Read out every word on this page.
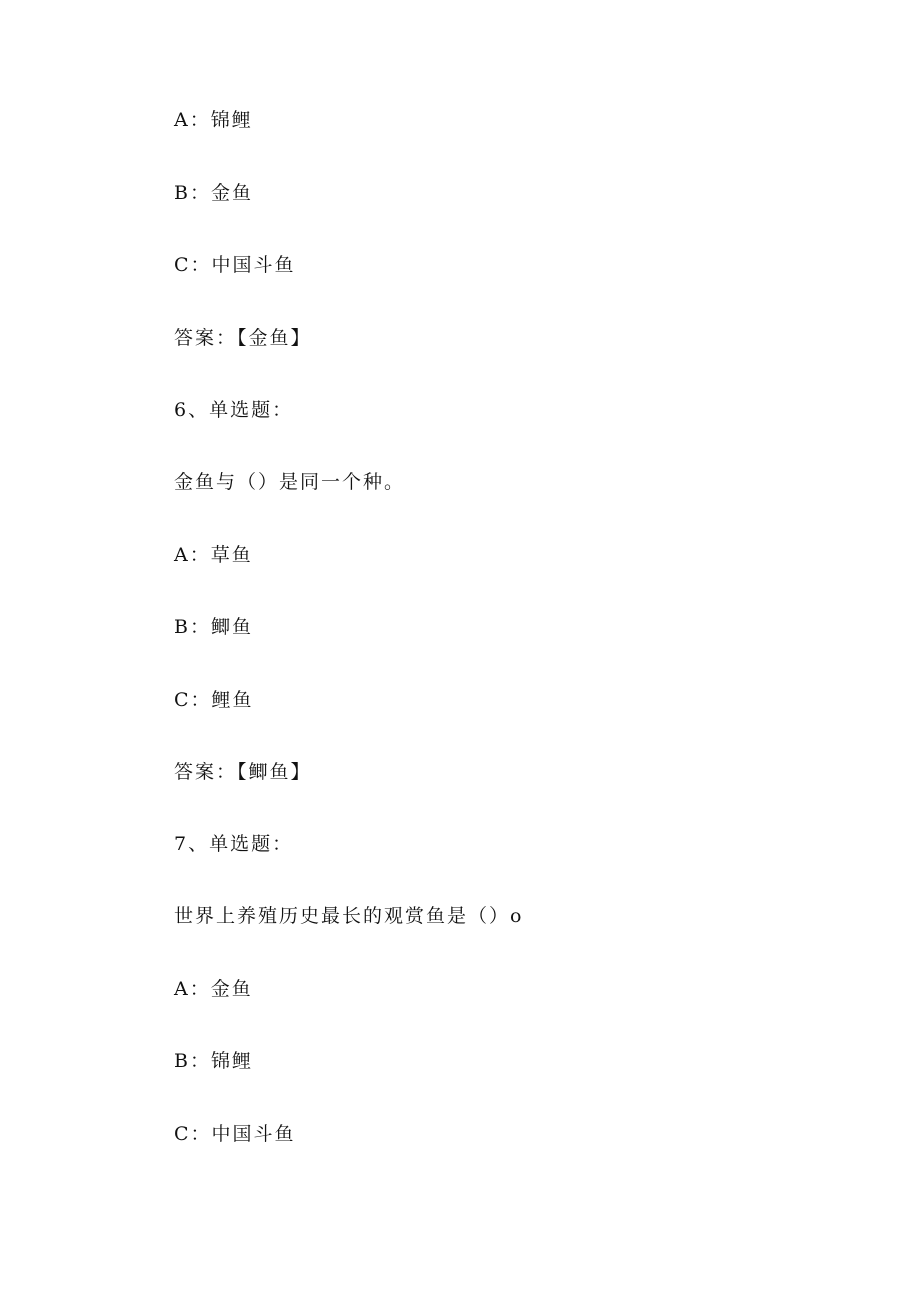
A：锦鲤
B：金鱼
C：中国斗鱼
答案：【金鱼】
6、单选题：
金鱼与（）是同一个种。
A：草鱼
B：鲫鱼
C：鲤鱼
答案：【鲫鱼】
7、单选题：
世界上养殖历史最长的观赏鱼是（）o
A：金鱼
B：锦鲤
C：中国斗鱼
